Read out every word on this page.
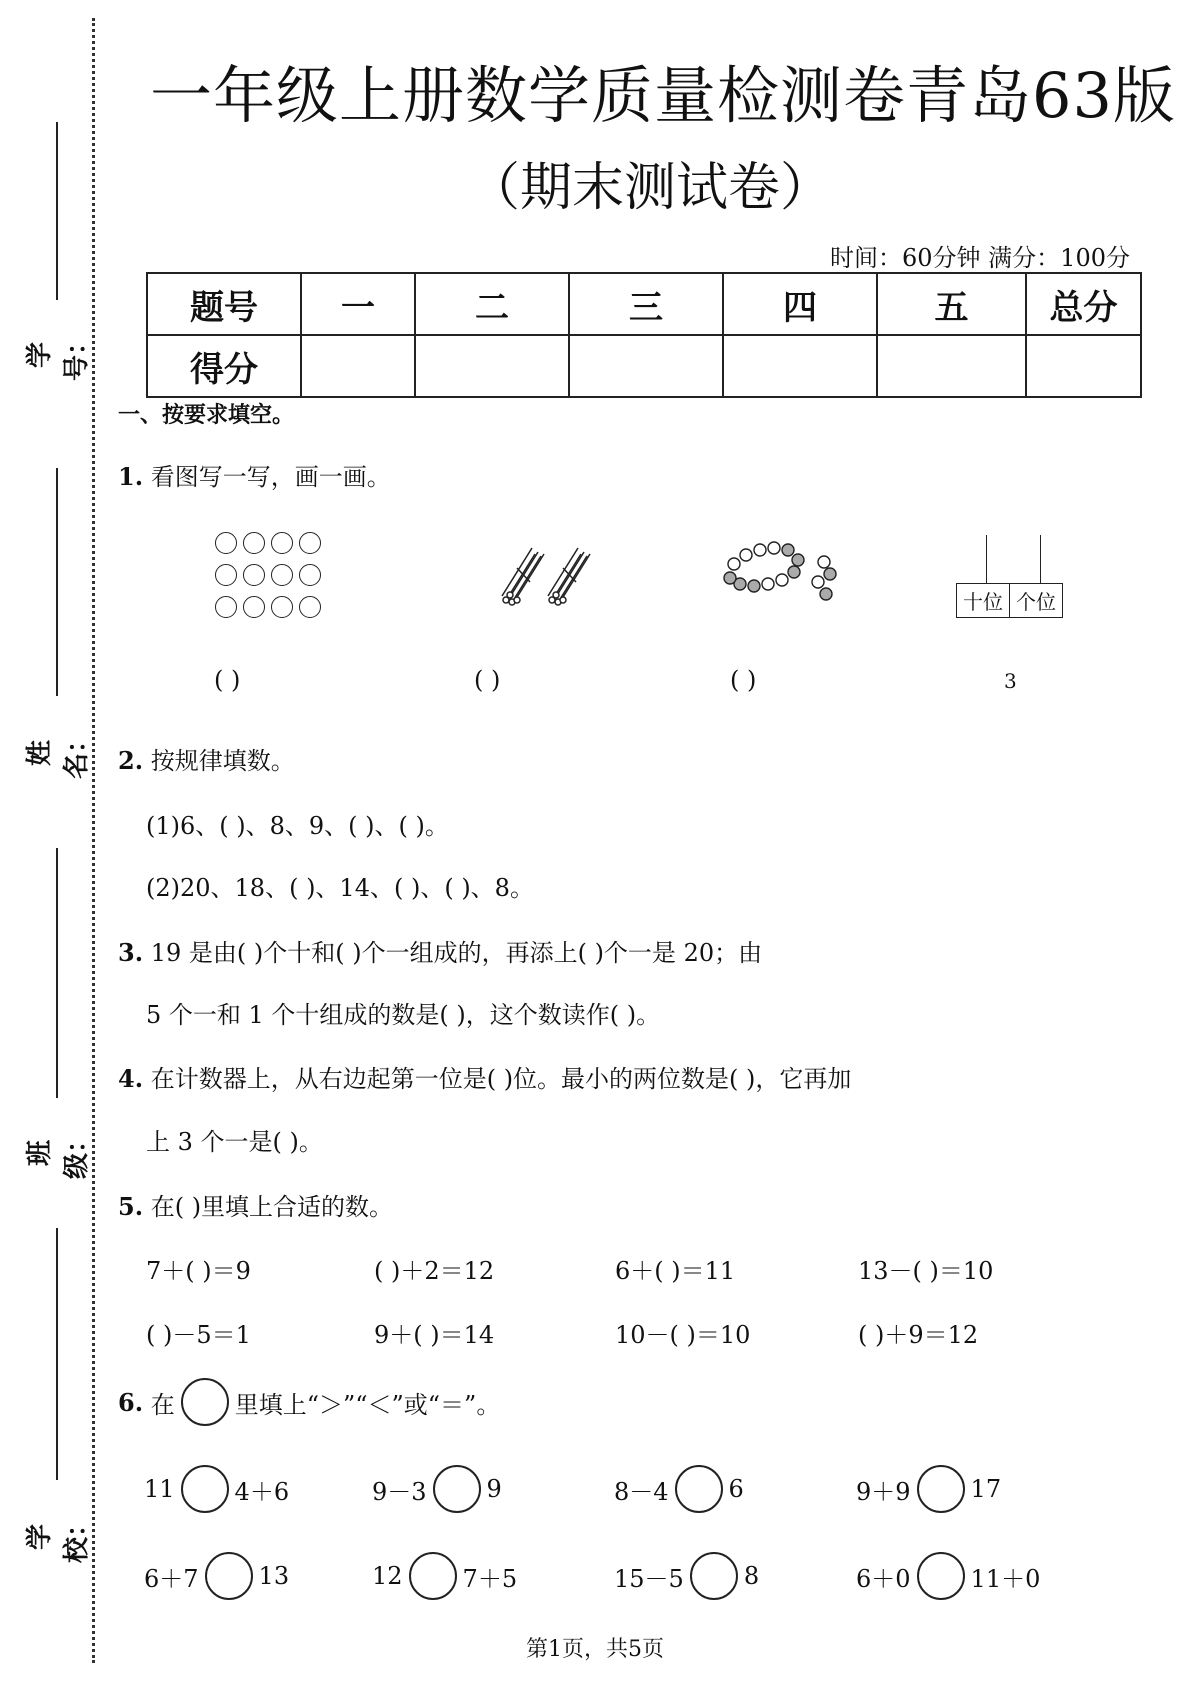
学号：
姓名：
班级：
学校：
一年级上册数学质量检测卷青岛63版
（期末测试卷）
时间：60分钟 满分：100分
题号	一	二	三	四	五	总分
得分						
一、按要求填空。
1. 看图写一写，画一画。
十位 个位
( )	( )	( )	3
2. 按规律填数。
(1)6、( )、8、9、( )、( )。
(2)20、18、( )、14、( )、( )、8。
3. 19 是由( )个十和( )个一组成的，再添上( )个一是 20；由
5 个一和 1 个十组成的数是( )，这个数读作( )。
4. 在计数器上，从右边起第一位是( )位。最小的两位数是( )，它再加
上 3 个一是( )。
5. 在( )里填上合适的数。
7＋( )＝9	( )＋2＝12	6＋( )＝11	13－( )＝10
( )－5＝1	9＋( )＝14	10－( )＝10	( )＋9＝12
6.
在	里填上“＞”“＜”或“＝”。
11	4＋6	9－3	9	8－4	6	9＋9	17
6＋7	13	12	7＋5	15－5	8	6＋0	11＋0
第1页，共5页
